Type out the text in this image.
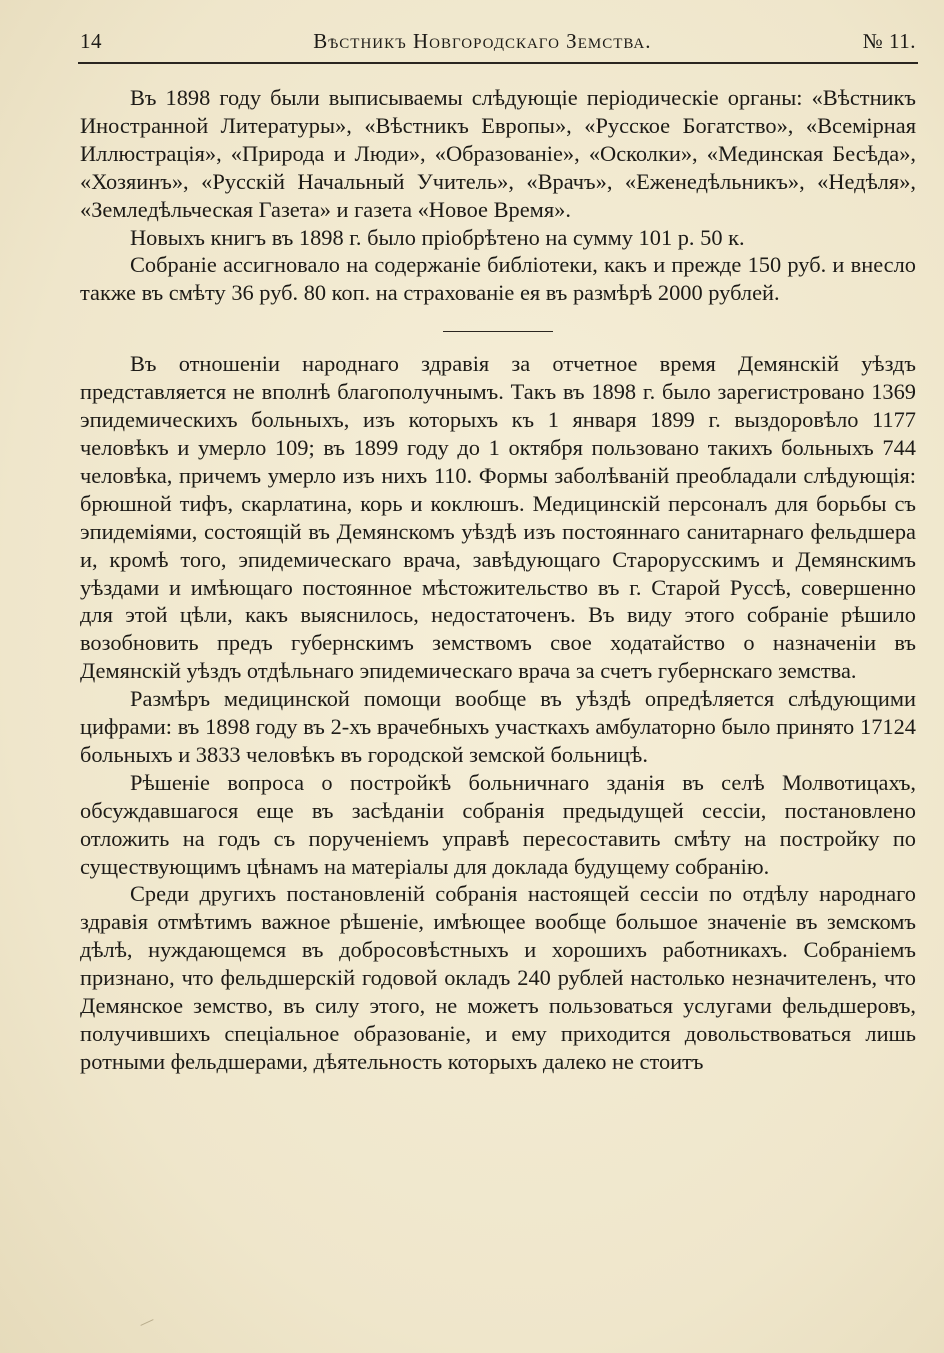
14	Вѣстникъ Новгородскаго Земства.	№ 11.

Въ 1898 году были выписываемы слѣдующіе періодическіе органы: «Вѣстникъ Иностранной Литературы», «Вѣстникъ Европы», «Русское Богатство», «Всемірная Иллюстрація», «Природа и Люди», «Образованіе», «Осколки», «Мединская Бесѣда», «Хозяинъ», «Русскій Начальный Учитель», «Врачъ», «Еженедѣльникъ», «Недѣля», «Земледѣльческая Газета» и газета «Новое Время».

Новыхъ книгъ въ 1898 г. было пріобрѣтено на сумму 101 р. 50 к.

Собраніе ассигновало на содержаніе библіотеки, какъ и прежде 150 руб. и внесло также въ смѣту 36 руб. 80 коп. на страхованіе ея въ размѣрѣ 2000 рублей.

Въ отношеніи народнаго здравія за отчетное время Демянскій уѣздъ представляется не вполнѣ благополучнымъ. Такъ въ 1898 г. было зарегистровано 1369 эпидемическихъ больныхъ, изъ которыхъ къ 1 января 1899 г. выздоровѣло 1177 человѣкъ и умерло 109; въ 1899 году до 1 октября пользовано такихъ больныхъ 744 человѣка, причемъ умерло изъ нихъ 110. Формы заболѣваній преобладали слѣдующія: брюшной тифъ, скарлатина, корь и коклюшъ. Медицинскій персоналъ для борьбы съ эпидеміями, состоящій въ Демянскомъ уѣздѣ изъ постояннаго санитарнаго фельдшера и, кромѣ того, эпидемическаго врача, завѣдующаго Старорусскимъ и Демянскимъ уѣздами и имѣющаго постоянное мѣстожительство въ г. Старой Руссѣ, совершенно для этой цѣли, какъ выяснилось, недостаточенъ. Въ виду этого собраніе рѣшило возобновить предъ губернскимъ земствомъ свое ходатайство о назначеніи въ Демянскій уѣздъ отдѣльнаго эпидемическаго врача за счетъ губернскаго земства.

Размѣръ медицинской помощи вообще въ уѣздѣ опредѣляется слѣдующими цифрами: въ 1898 году въ 2-хъ врачебныхъ участкахъ амбулаторно было принято 17124 больныхъ и 3833 человѣкъ въ городской земской больницѣ.

Рѣшеніе вопроса о постройкѣ больничнаго зданія въ селѣ Молвотицахъ, обсуждавшагося еще въ засѣданіи собранія предыдущей сессіи, постановлено отложить на годъ съ порученіемъ управѣ пересоставить смѣту на постройку по существующимъ цѣнамъ на матеріалы для доклада будущему собранію.

Среди другихъ постановленій собранія настоящей сессіи по отдѣлу народнаго здравія отмѣтимъ важное рѣшеніе, имѣющее вообще большое значеніе въ земскомъ дѣлѣ, нуждающемся въ добросовѣстныхъ и хорошихъ работникахъ. Собраніемъ признано, что фельдшерскій годовой окладъ 240 рублей настолько незначителенъ, что Демянское земство, въ силу этого, не можетъ пользоваться услугами фельдшеровъ, получившихъ спеціальное образованіе, и ему приходится довольствоваться лишь ротными фельдшерами, дѣятельность которыхъ далеко не стоитъ
